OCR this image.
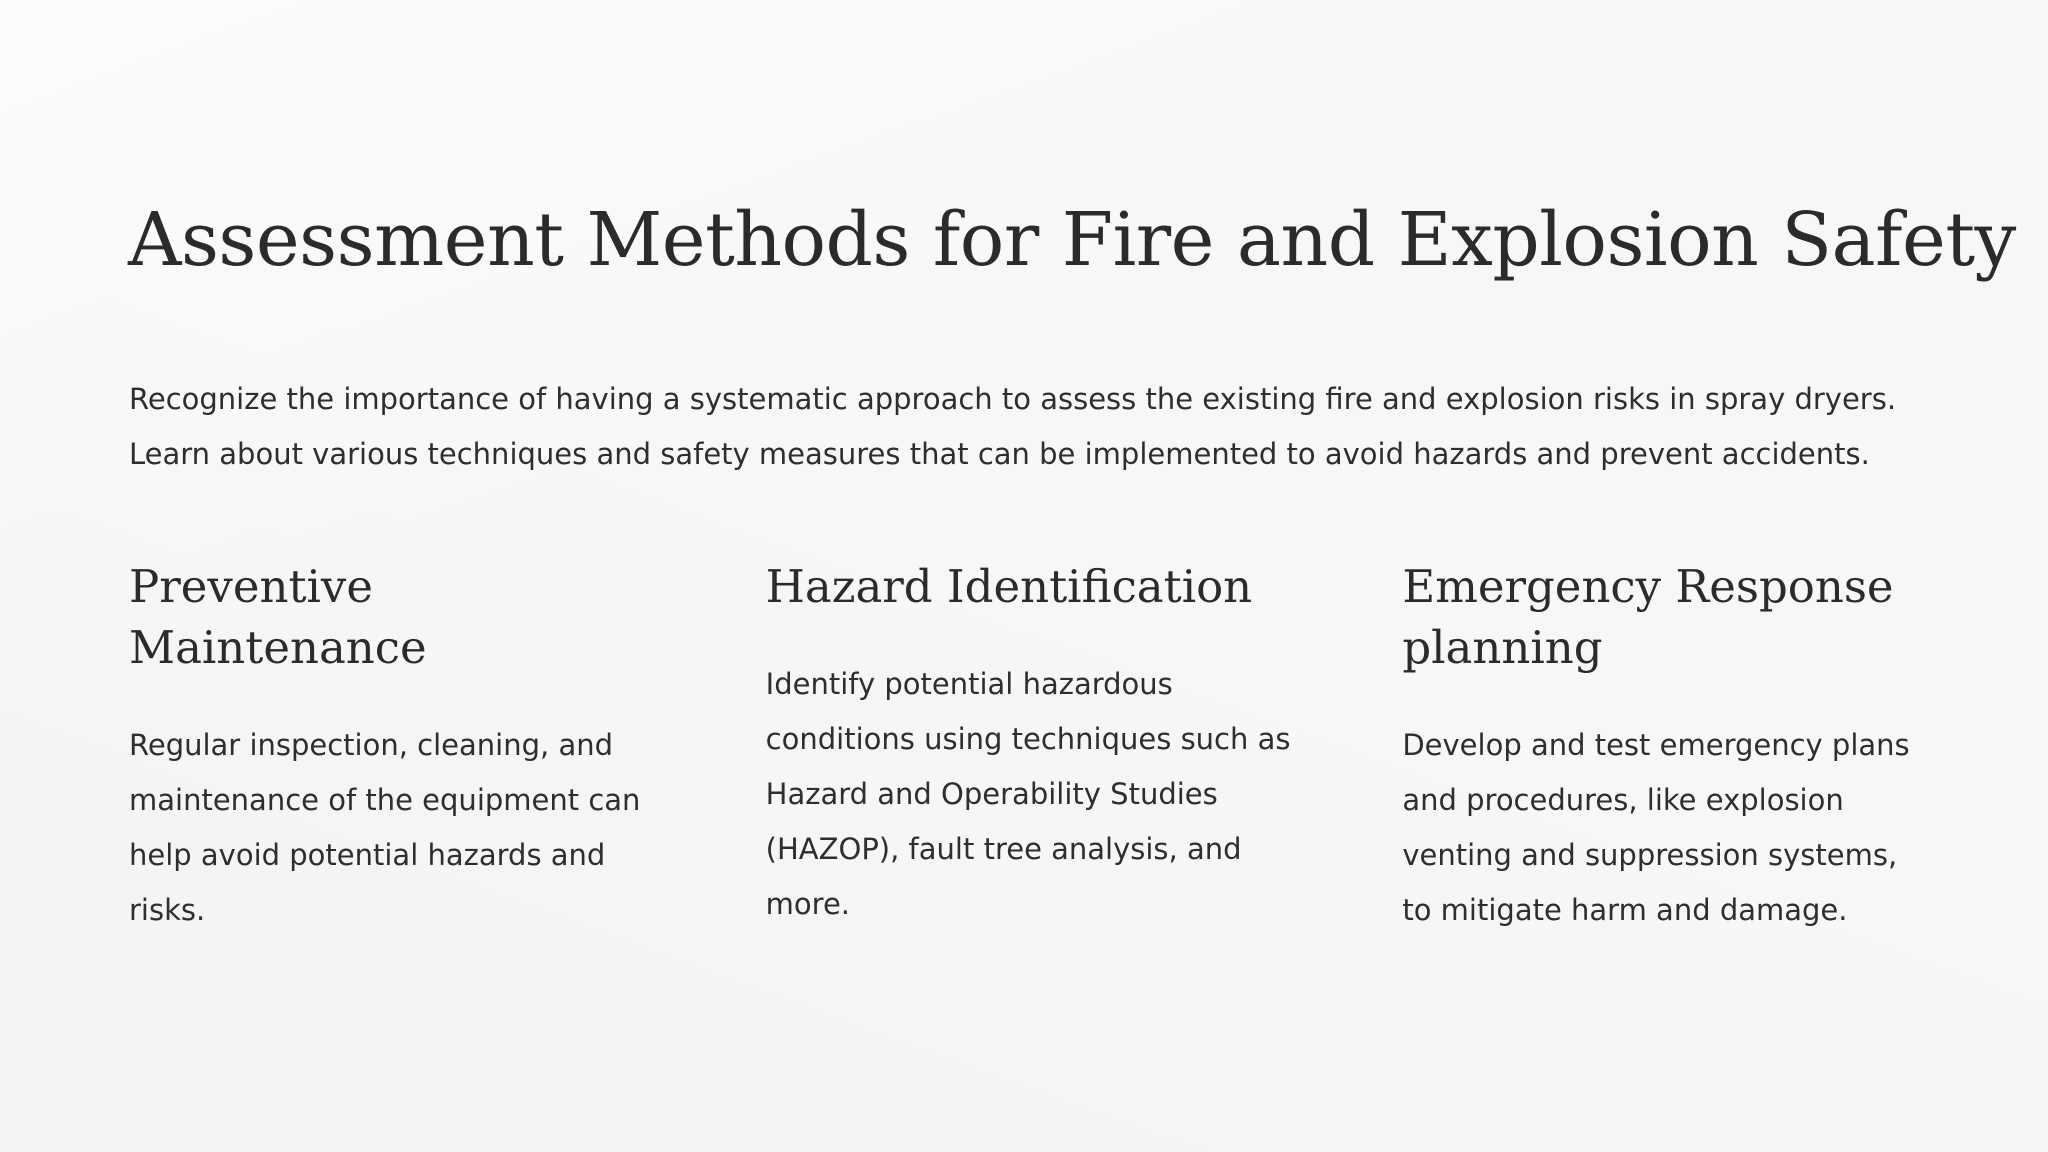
Assessment Methods for Fire and Explosion Safety

Recognize the importance of having a systematic approach to assess the existing fire and explosion risks in spray dryers. Learn about various techniques and safety measures that can be implemented to avoid hazards and prevent accidents.

Preventive Maintenance

Regular inspection, cleaning, and maintenance of the equipment can help avoid potential hazards and risks.

Hazard Identification

Identify potential hazardous conditions using techniques such as Hazard and Operability Studies (HAZOP), fault tree analysis, and more.

Emergency Response planning

Develop and test emergency plans and procedures, like explosion venting and suppression systems, to mitigate harm and damage.
